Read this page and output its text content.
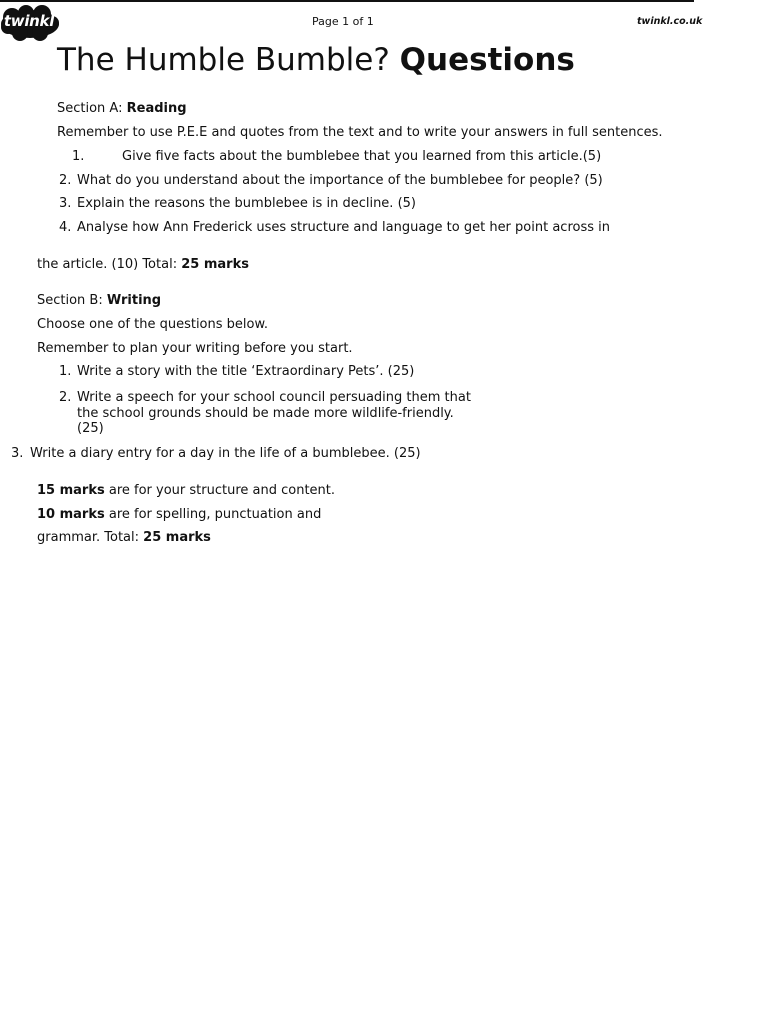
twinkl	Page 1 of 1	twinkl.co.uk
The Humble Bumble? Questions
Section A: Reading
Remember to use P.E.E and quotes from the text and to write your answers in full sentences.
1.	Give five facts about the bumblebee that you learned from this article.(5)
2. What do you understand about the importance of the bumblebee for people? (5)
3. Explain the reasons the bumblebee is in decline. (5)
4. Analyse how Ann Frederick uses structure and language to get her point across in
the article. (10) Total: 25 marks
Section B: Writing
Choose one of the questions below.
Remember to plan your writing before you start.
1. Write a story with the title ‘Extraordinary Pets’. (25)
2. Write a speech for your school council persuading them that
the school grounds should be made more wildlife-friendly.
(25)
3. Write a diary entry for a day in the life of a bumblebee. (25)
15 marks are for your structure and content.
10 marks are for spelling, punctuation and
grammar. Total: 25 marks
